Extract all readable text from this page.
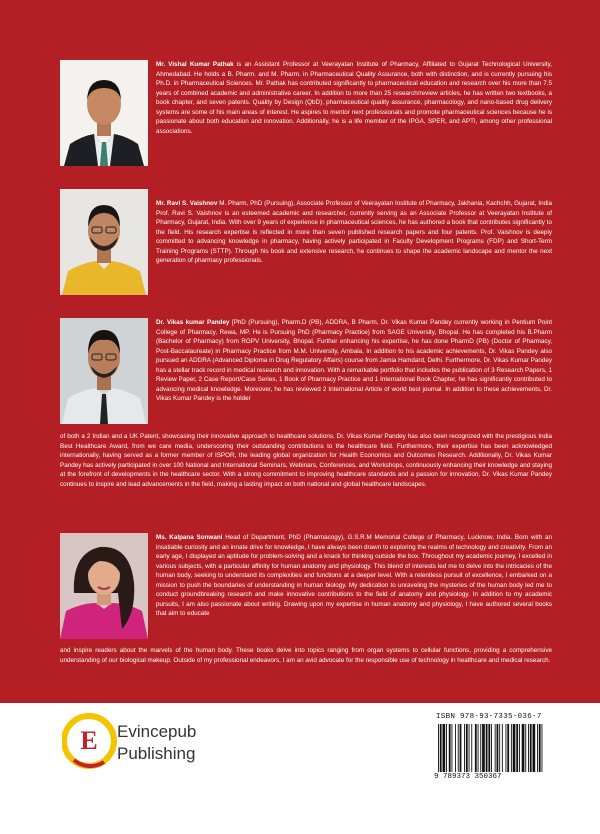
Mr. Vishal Kumar Pathak is an Assistant Professor at Veerayatan Institute of Pharmacy, Affiliated to Gujarat Technological University, Ahmedabad. He holds a B. Pharm. and M. Pharm. in Pharmaceutical Quality Assurance, both with distinction, and is currently pursuing his Ph.D. in Pharmaceutical Sciences. Mr. Pathak has contributed significantly to pharmaceutical education and research over his more than 7.5 years of combined academic and administrative career. In addition to more than 25 research/review articles, he has written two textbooks, a book chapter, and seven patents. Quality by Design (QbD), pharmaceutical quality assurance, pharmacology, and nano-based drug delivery systems are some of his main areas of interest. He aspires to mentor next professionals and promote pharmaceutical sciences because he is passionate about both education and innovation. Additionally, he is a life member of the IPGA, SPER, and APTI, among other professional associations.

Mr. Ravi S. Vaishnov M. Pharm, PhD (Pursuing), Associate Professor of Veerayatan Institute of Pharmacy, Jakhania, Kachchh, Gujarat, India Prof. Ravi S. Vaishnov is an esteemed academic and researcher, currently serving as an Associate Professor at Veerayatan Institute of Pharmacy, Gujarat, India. With over 9 years of experience in pharmaceutical sciences, he has authored a book that contributes significantly to the field. His research expertise is reflected in more than seven published research papers and four patents. Prof. Vaishnov is deeply committed to advancing knowledge in pharmacy, having actively participated in Faculty Development Programs (FDP) and Short-Term Training Programs (STTP). Through his book and extensive research, he continues to shape the academic landscape and mentor the next generation of pharmacy professionals.

Dr. Vikas kumar Pandey [PhD (Pursuing), Pharm.D (PB), ADDRA, B Pharm, Dr. Vikas Kumar Pandey currently working in Pentium Point College of Pharmacy, Rewa, MP. He is Pursuing PhD (Pharmacy Practice) from SAGE University, Bhopal. He has completed his B.Pharm (Bachelor of Pharmacy) from RGPV University, Bhopal. Further enhancing his expertise, he has done PharmD (PB) (Doctor of Pharmacy, Post-Baccalaureate) in Pharmacy Practice from M.M. University, Ambala, In addition to his academic achievements, Dr. Vikas Pandey also pursued an ADDRA (Advanced Diploma in Drug Regulatory Affairs) course from Jamia Hamdard, Delhi. Furthermore, Dr. Vikas Kumar Pandey has a stellar track record in medical research and innovation. With a remarkable portfolio that includes the publication of 3 Research Papers, 1 Review Paper, 2 Case Report/Case Series, 1 Book of Pharmacy Practice and 1 International Book Chapter, he has significantly contributed to advancing medical knowledge. Moreover, he has reviewed 2 International Article of world best journal. In addition to these achievements, Dr. Vikas Kumar Pandey is the holder

of both a 2 Indian and a UK Patent, showcasing their innovative approach to healthcare solutions. Dr. Vikas Kumar Pandey has also been recognized with the prestigious India Best Healthcare Award, from we care media, underscoring their outstanding contributions to the healthcare field. Furthermore, their expertise has been acknowledged internationally, having served as a former member of ISPOR, the leading global organization for Health Economics and Outcomes Research. Additionally, Dr. Vikas Kumar Pandey has actively participated in over 100 National and International Seminars, Webinars, Conferences, and Workshops, continuously enhancing their knowledge and staying at the forefront of developments in the healthcare sector. With a strong commitment to improving healthcare standards and a passion for innovation, Dr. Vikas Kumar Pandey continues to inspire and lead advancements in the field, making a lasting impact on both national and global healthcare landscapes.

Ms. Kalpana Sonwani Head of Department, PhD (Pharmacogy), G.S.R.M Memorial College of Pharmacy, Lucknow, India. Born with an insatiable curiosity and an innate drive for knowledge, I have always been drawn to exploring the realms of technology and creativity. From an early age, I displayed an aptitude for problem-solving and a knack for thinking outside the box. Throughout my academic journey, I excelled in various subjects, with a particular affinity for human anatomy and physiology. This blend of interests led me to delve into the intricacies of the human body, seeking to understand its complexities and functions at a deeper level. With a relentless pursuit of excellence, I embarked on a mission to push the boundaries of understanding in human biology. My dedication to unraveling the mysteries of the human body led me to conduct groundbreaking research and make innovative contributions to the field of anatomy and physiology. In addition to my academic pursuits, I am also passionate about writing. Drawing upon my expertise in human anatomy and physiology, I have authored several books that aim to educate

and inspire readers about the marvels of the human body. These books delve into topics ranging from organ systems to cellular functions, providing a comprehensive understanding of our biological makeup. Outside of my professional endeavors, I am an avid advocate for the responsible use of technology in healthcare and medical research.

E Evincepub
Publishing
ISBN 978-93-7335-036-7
9 789373 350367
